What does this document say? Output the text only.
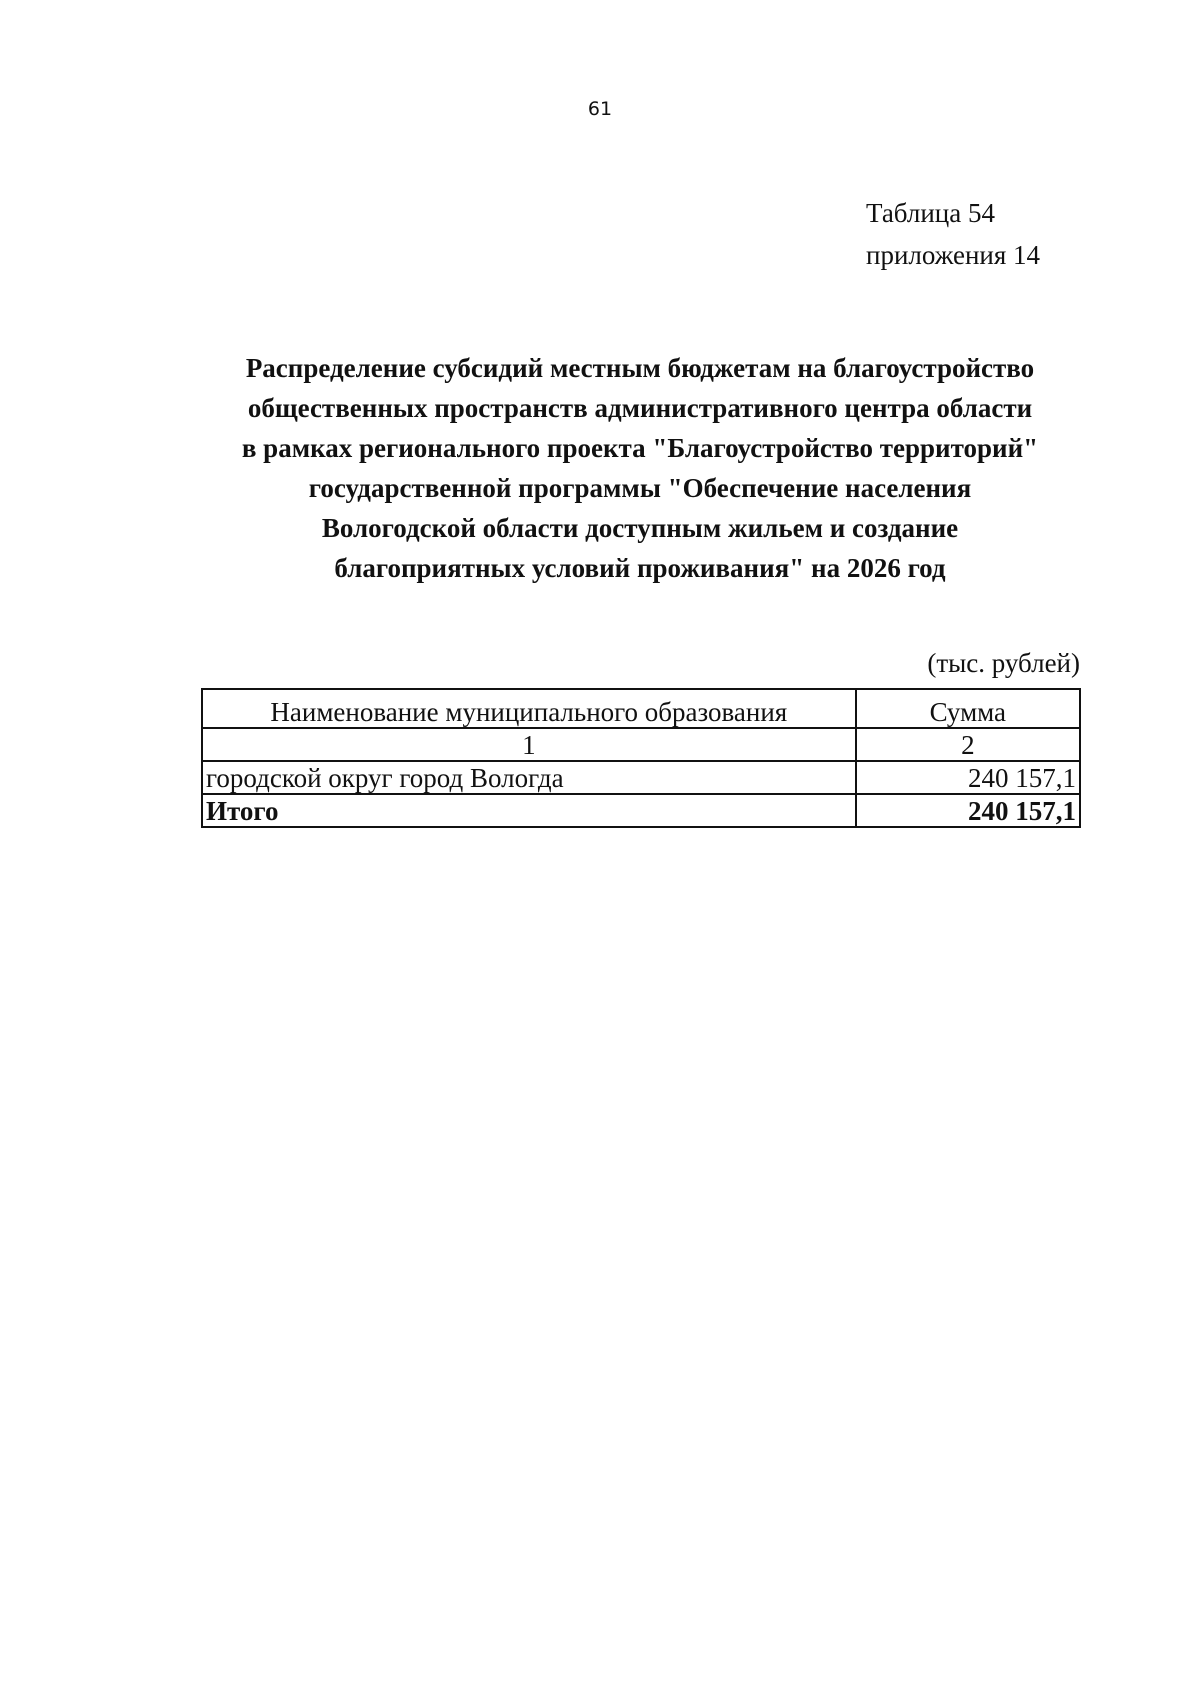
61
Таблица 54
приложения 14
Распределение субсидий местным бюджетам на благоустройство
общественных пространств административного центра области
в рамках регионального проекта "Благоустройство территорий"
государственной программы "Обеспечение населения
Вологодской области доступным жильем и создание
благоприятных условий проживания" на 2026 год
(тыс. рублей)
Наименование муниципального образования	Сумма
1	2
городской округ город Вологда	240 157,1
Итого	240 157,1
